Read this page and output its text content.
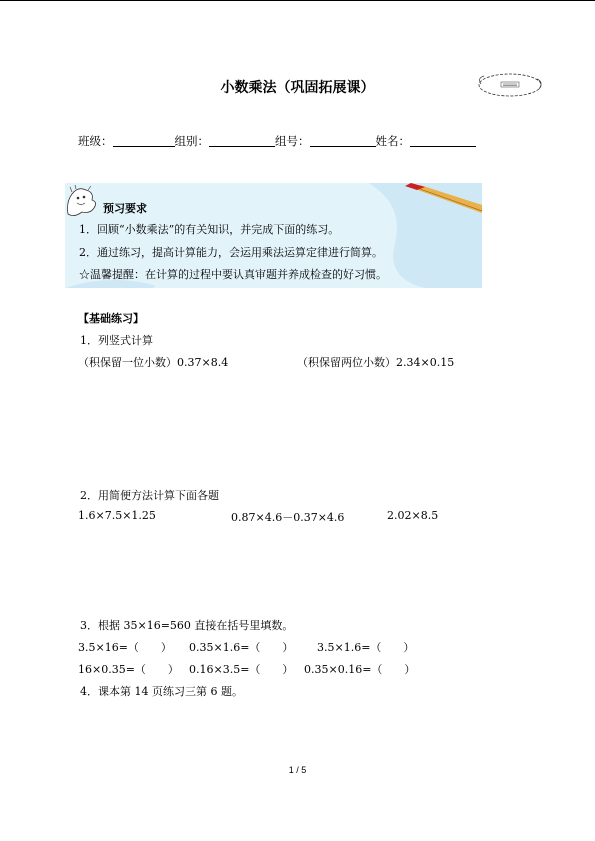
小数乘法（巩固拓展课）
班级：	组别：	组号：	姓名：
预习要求
1．回顾“小数乘法”的有关知识，并完成下面的练习。
2．通过练习，提高计算能力，会运用乘法运算定律进行简算。
☆温馨提醒：在计算的过程中要认真审题并养成检查的好习惯。
【基础练习】
1．列竖式计算
（积保留一位小数）0.37×8.4	（积保留两位小数）2.34×0.15
2．用简便方法计算下面各题
1.6×7.5×1.25	0.87×4.6－0.37×4.6	2.02×8.5
3．根据 35×16=560 直接在括号里填数。
3.5×16=（　　） 0.35×1.6=（　　） 3.5×1.6=（　　）
16×0.35=（　　） 0.16×3.5=（　　） 0.35×0.16=（　　）
4．课本第 14 页练习三第 6 题。
1 / 5
